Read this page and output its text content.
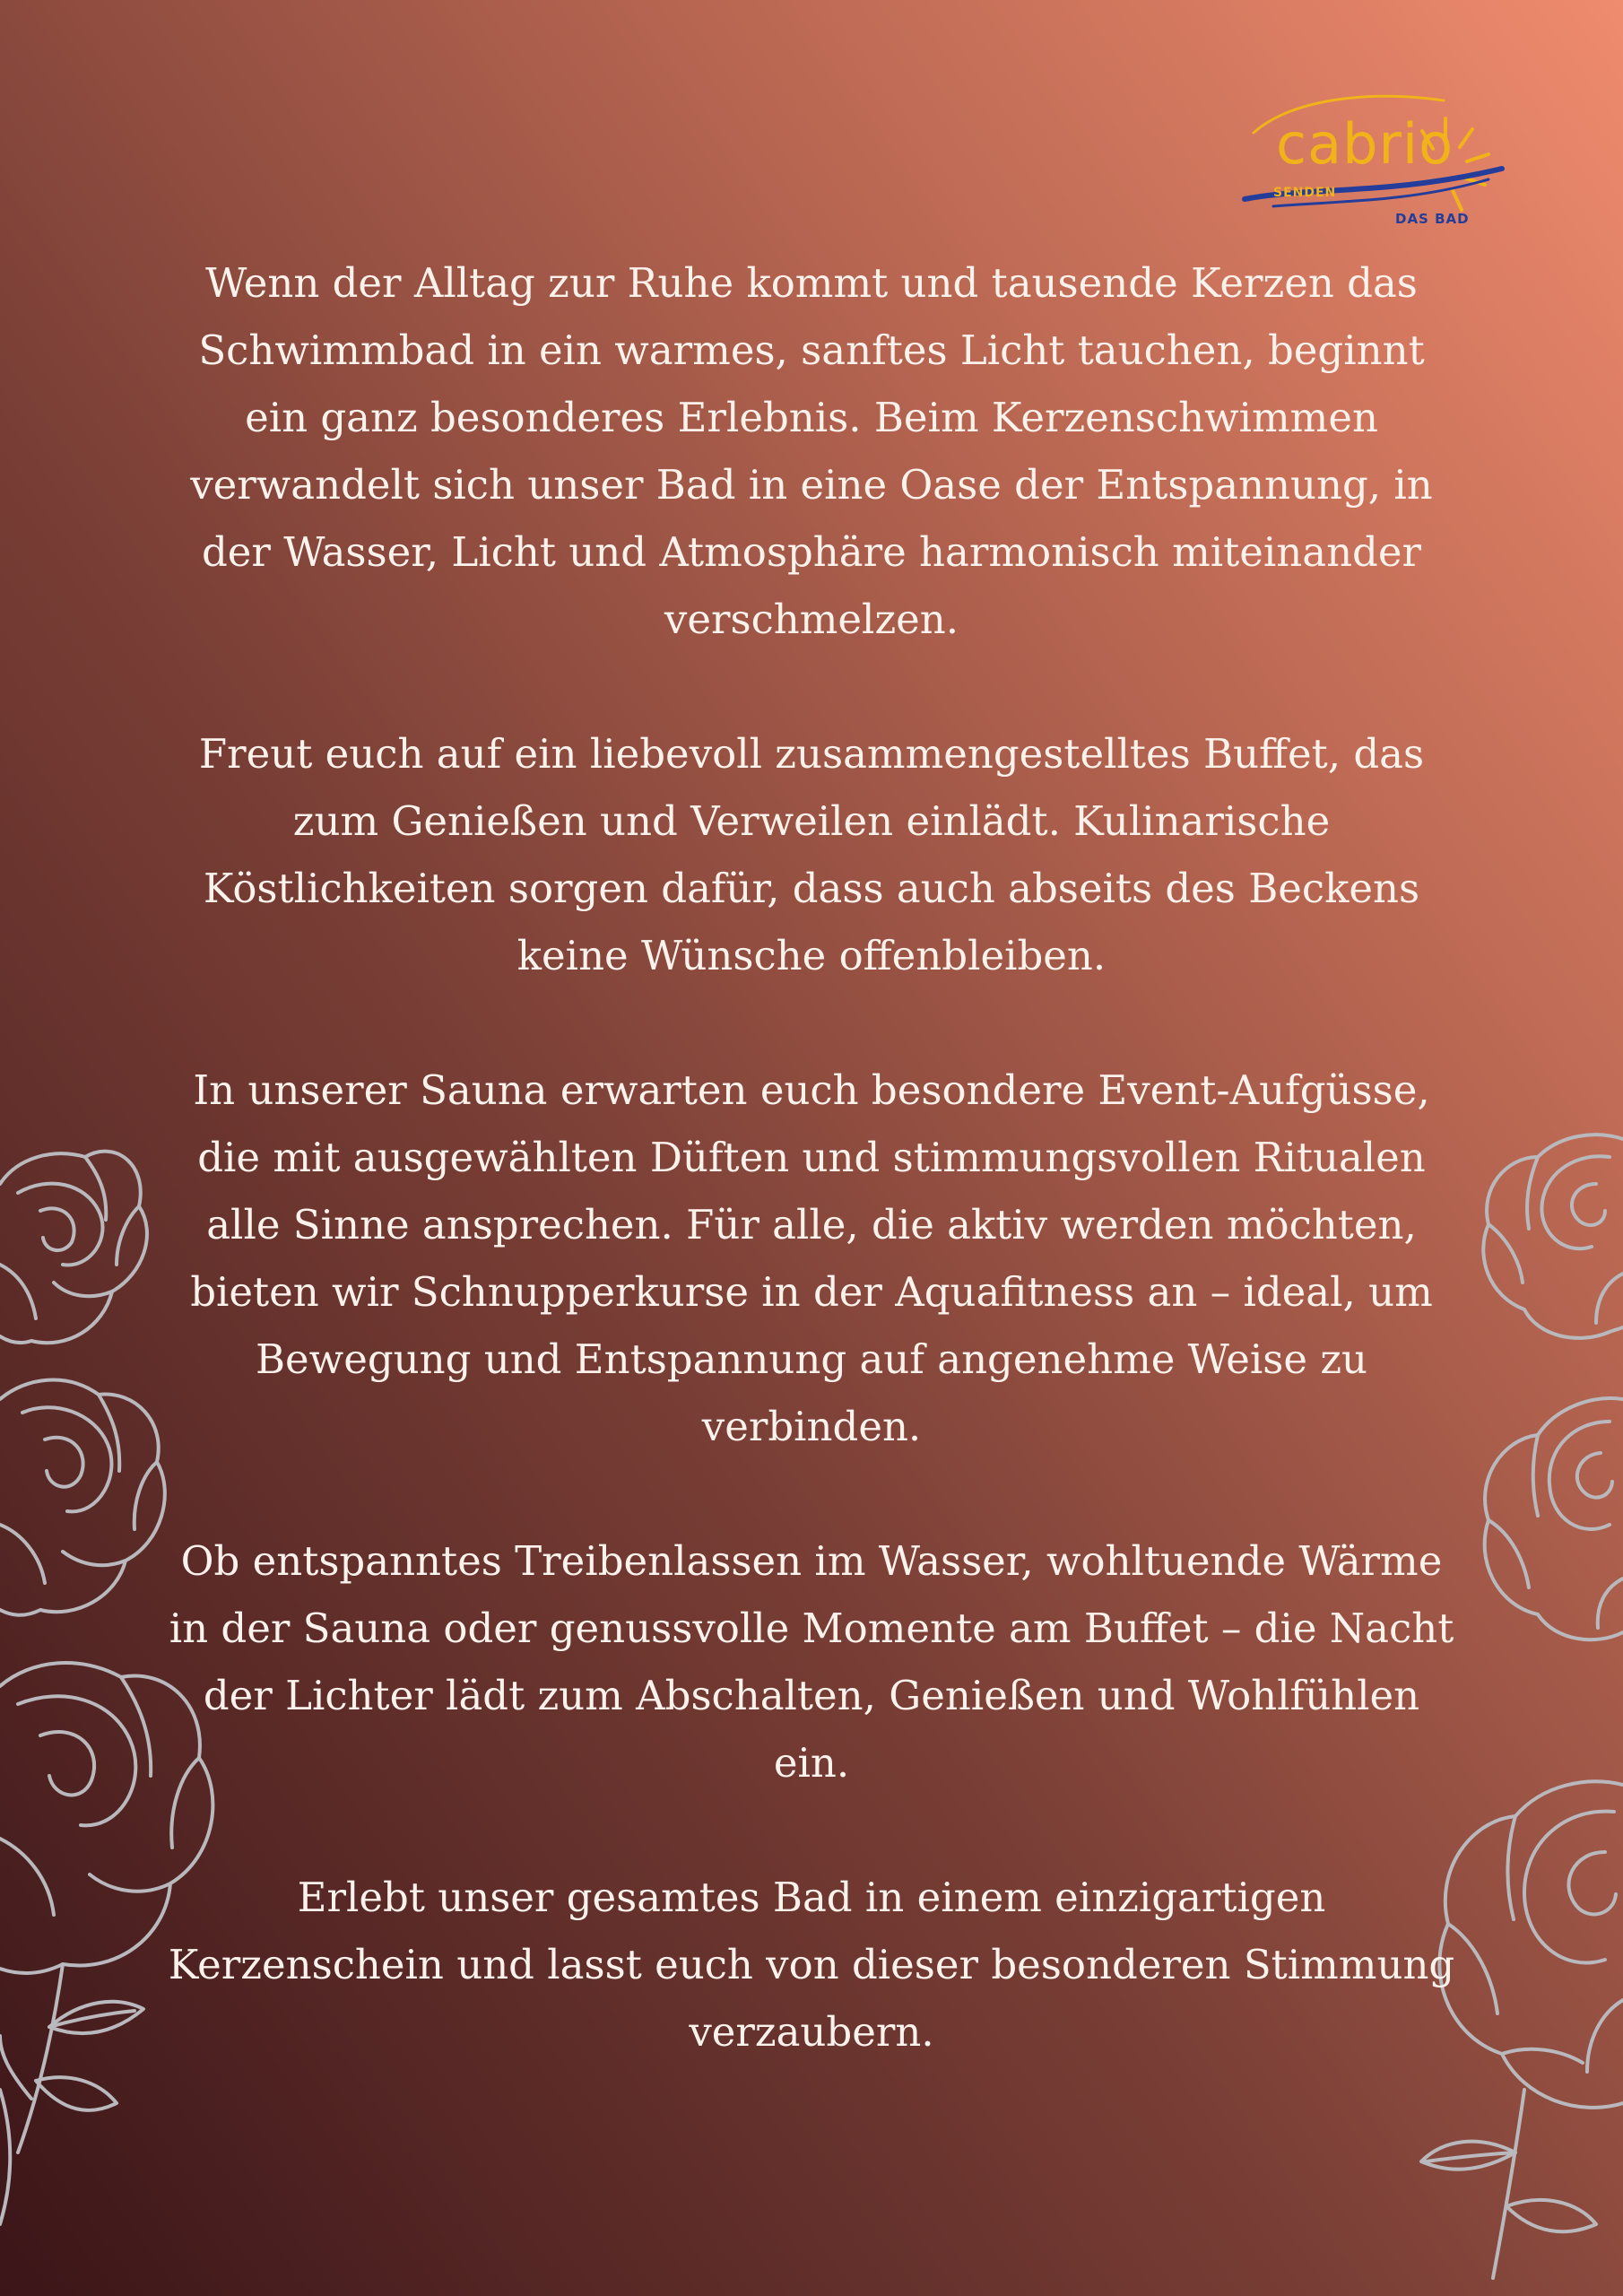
cabrio
SENDEN
DAS BAD

Wenn der Alltag zur Ruhe kommt und tausende Kerzen das Schwimmbad in ein warmes, sanftes Licht tauchen, beginnt ein ganz besonderes Erlebnis. Beim Kerzenschwimmen verwandelt sich unser Bad in eine Oase der Entspannung, in der Wasser, Licht und Atmosphäre harmonisch miteinander verschmelzen.

Freut euch auf ein liebevoll zusammengestelltes Buffet, das zum Genießen und Verweilen einlädt. Kulinarische Köstlichkeiten sorgen dafür, dass auch abseits des Beckens keine Wünsche offenbleiben.

In unserer Sauna erwarten euch besondere Event-Aufgüsse, die mit ausgewählten Düften und stimmungsvollen Ritualen alle Sinne ansprechen. Für alle, die aktiv werden möchten, bieten wir Schnupperkurse in der Aquafitness an – ideal, um Bewegung und Entspannung auf angenehme Weise zu verbinden.

Ob entspanntes Treibenlassen im Wasser, wohltuende Wärme in der Sauna oder genussvolle Momente am Buffet – die Nacht der Lichter lädt zum Abschalten, Genießen und Wohlfühlen ein.

Erlebt unser gesamtes Bad in einem einzigartigen Kerzenschein und lasst euch von dieser besonderen Stimmung verzaubern.
